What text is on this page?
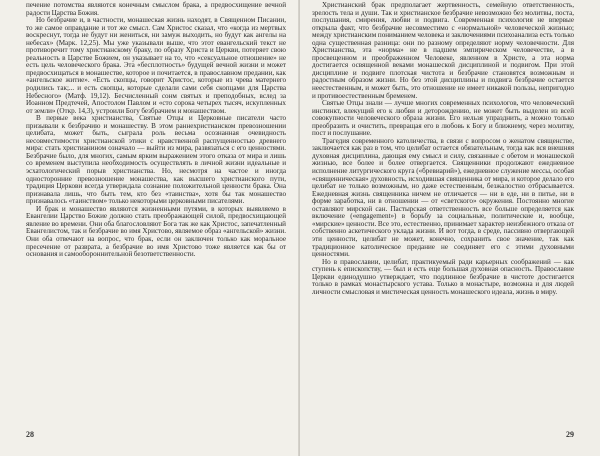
печение потомства являются конечным смыслом брака, а предвосхищение вечной радости Царства Божия.

Но безбрачие и, в частности, монашеская жизнь находят, в Священном Писании, то же самое оправдание и тот же смысл. Сам Христос сказал, что «когда из мертвых воскреснут, тогда не будут ни жениться, ни замуж выходить, но будут как ангелы на небесах» (Марк. 12,25). Мы уже указывали выше, что этот евангельский текст не противоречит тому христианскому браку, по образу Христа и Церкви, потеряет свою реальность в Царстве Божием, он указывает на то, что «сексуальное отношение» не есть цель человеческого брака. Эта «бесплотность» будущей вечной жизни и может предвосхищаться в монашестве, которое и почитается, в православном предании, как «ангельское житие». «Есть скопцы, говорит Христос, которые из чрева матернего родились так;... и есть скопцы, которые сделали сами себя скопцами для Царства Небесного» (Матф. 19,12). Бесчисленный сонм святых и преподобных, вслед за Иоанном Предтечей, Апостолом Павлом и «сто сорока четырех тысяч, искупленных от земли» (Откр. 14,3), устроили Богу безбрачием и монашеством.

В первые века христианства, Святые Отцы и Церковные писатели часто призывали к безбрачию и монашеству. В этом раннехристианском превозношении целибата, может быть, сыграла роль весьма осознанная очевидность несовместимости христианской этики с нравственной распущенностью древнего мира: стать христианином означало — выйти из мира, развязаться с его ценностями. Безбрачие было, для многих, самым ярким выражением этого отказа от мира и лишь со временем выступила необходимость осуществлять в личной жизни идеальные и эсхатологический порыв христианства. Но, несмотря на частое и иногда односторонние превозношение монашества, как высшего христианского пути, традиция Церкови всегда утверждала сознание положительной ценности брака. Она признавала лишь, что быть тем, кто без «таинства», хотя бы так монашество признавалось «таинством» только некоторыми церковными писателями.

И брак и монашество являются жизненными путями, в которых выявляемо в Евангелии Царство Божие должно стать преображающей силой, предвосхищающей явление во времени. Они оба благословляют Бога так же как Христос, запечатленный Евангелистом, так и безбрачие во имя Христово, являемое образ «ангельской» жизни. Они оба отвечают на вопрос, что брак, если он заключен только как моральное пресечение от разврата, а безбрачие во имя Христово тоже является как бы от основания и самообороннительной безответственности.

28

Христианский брак предполагает жертвенность, семейную ответственность, зрелость тела и души. Так и христианское безбрачие невозможно без молитвы, поста, послушания, смирения, любви и подвига. Современная психология не впервые открыла факт, что безбрачие несовместимо с «нормальной» человеческой жизнью; между христианским пониманием человека и заключениями психоанализа есть только одна существенная разница: они по разному определяют норму человечности. Для Христианства, эта «норма» не в падшем эмпирическом человечестве, а в просвещенном и преображенном Человеке, явленном в Христе, а эта норма достигается освященной веками монашеской дисциплиной и подвигом. При этой дисциплине и подвиге плотская чистота и безбрачие становятся возможным и радостным образом жизни. Но без этой дисциплины и подвига безбрачие остается неестественным, и может быть, это отношение не имеет никакой пользы, непригодно и противоестественным бременем.

Святые Отцы знали — лучше многих современных психологов, что человеческий инстинкт, влекущий его к любви и деторождению, не может быть выделен из всей совокупности человеческого образа жизни. Его нельзя упразднить, а можно только преобразить и очистить, превращая его в любовь к Богу и ближнему, через молитву, пост и послушание.

Трагедия современного католичества, в связи с вопросом о женатом священстве, заключается как раз в том, что целибат остается обязательным, тогда как вся внешняя духовная дисциплина, дающая ему смысл и силу, связанные с обетом и монашеской жизнью, все более и более отвергается. Священники продолжают ежедневное исполнение литургического круга («бревиарий»), ежедневное служение мессы, особая «священническая» духовность, исходившая священника от мира, и которое делало его целибат не только возможным, но даже естественным, безжалостно отбрасывается. Ежедневная жизнь священника ничем не отличается — ни в еде, ни в питье, ни в форме заработка, ни в отношении — от «светского» окружения. Постоянно многие оставляют мирской сан. Пастырская ответственность все больше определяется как включение («engagement») в борьбу за социальные, политические и, вообще, «мирские» ценности. Все это, естественно, принимает характер неизбежного отказа от собственно аскетического уклада жизни. И вот тогда, в среде, пассивно отвергающей эти ценности, целибат не может, конечно, сохранить свое значение, так как традиционное католическое предание не соединяет его с этими духовными ценностями.

Но в православии, целибат, практикуемый ради карьерных соображений — как ступень к епископству, — был и есть еще большая духовная опасность. Православие Церкви единодушно утверждает, что подлинное безбрачие в чистоте достигается только в рамках монастырского устава. Только в монастыре, возможна и для людей личности смысловая и мистическая ценность монашеского идеала, жизнь в миру.

29
